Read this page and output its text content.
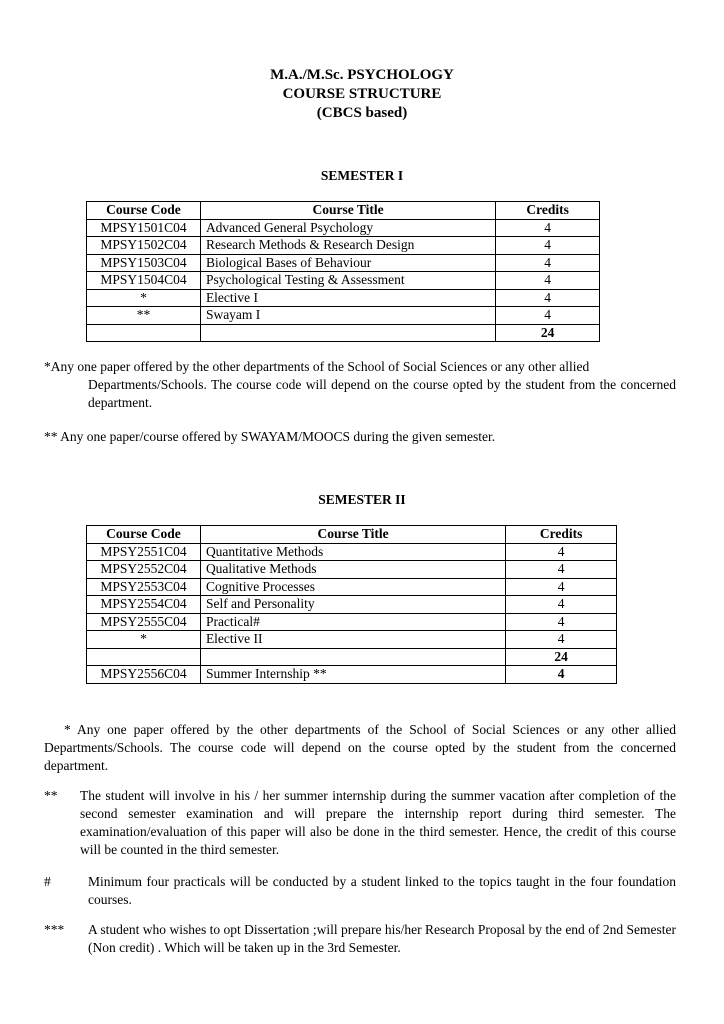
M.A./M.Sc. PSYCHOLOGY
COURSE STRUCTURE
(CBCS based)
SEMESTER I
Course Code	Course Title	Credits
MPSY1501C04	Advanced General Psychology	4
MPSY1502C04	Research Methods & Research Design	4
MPSY1503C04	Biological Bases of Behaviour	4
MPSY1504C04	Psychological Testing & Assessment	4
*	Elective I	4
**	Swayam I	4
		24

*Any one paper offered by the other departments of the School of Social Sciences or any other allied

Departments/Schools. The course code will depend on the course opted by the student from the concerned department.

** Any one paper/course offered by SWAYAM/MOOCS during the given semester.
SEMESTER II
Course Code	Course Title	Credits
MPSY2551C04	Quantitative Methods	4
MPSY2552C04	Qualitative Methods	4
MPSY2553C04	Cognitive Processes	4
MPSY2554C04	Self and Personality	4
MPSY2555C04	Practical#	4
*	Elective II	4
		24
MPSY2556C04	Summer Internship **	4
* Any one paper offered by the other departments of the School of Social Sciences or any other allied Departments/Schools. The course code will depend on the course opted by the student from the concerned department.
**	The student will involve in his / her summer internship during the summer vacation after completion of the second semester examination and will prepare the internship report during third semester. The examination/evaluation of this paper will also be done in the third semester. Hence, the credit of this course will be counted in the third semester.

#	Minimum four practicals will be conducted by a student linked to the topics taught in the four foundation courses.

***	A student who wishes to opt Dissertation ;will prepare his/her Research Proposal by the end of 2nd Semester (Non credit) . Which will be taken up in the 3rd Semester.
